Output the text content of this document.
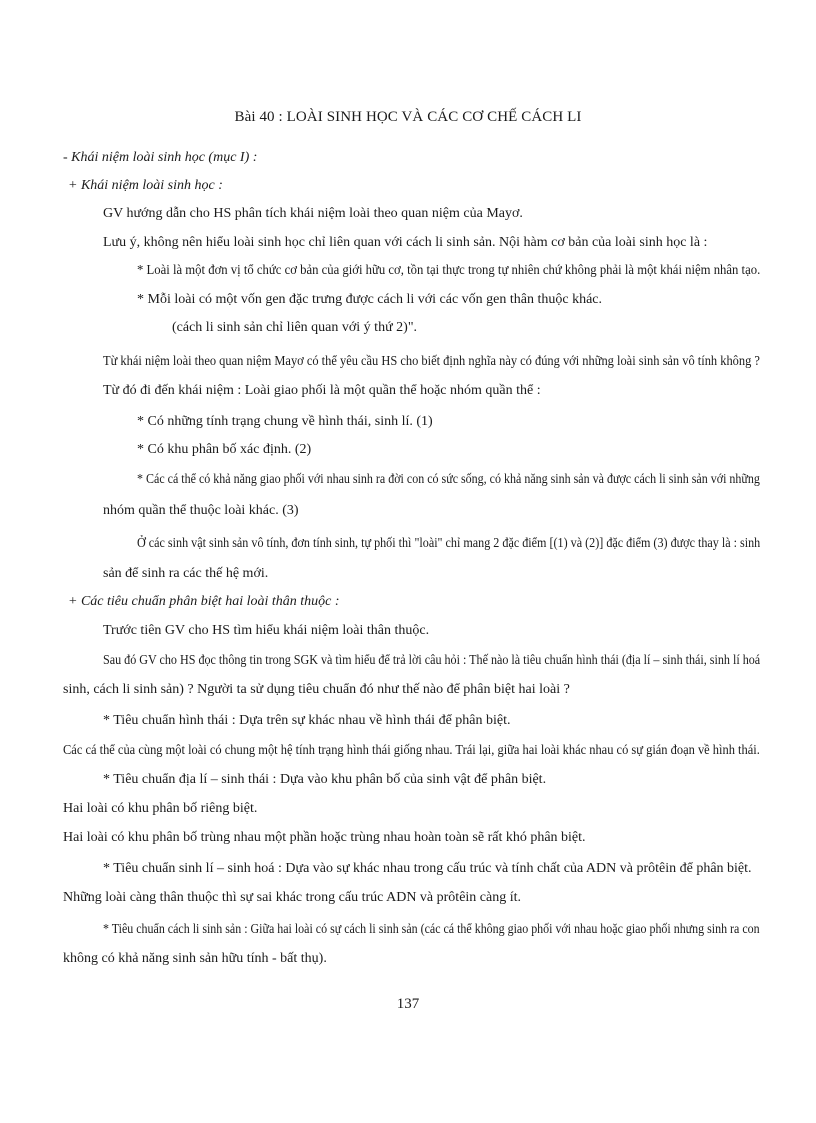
Bài 40 : LOÀI SINH HỌC VÀ CÁC CƠ CHẾ CÁCH LI
- Khái niệm loài sinh học (mục I) :
+ Khái niệm loài sinh học :
GV hướng dẫn cho HS phân tích khái niệm loài theo quan niệm của Mayơ.
Lưu ý, không nên hiểu loài sinh học chỉ liên quan với cách li sinh sản. Nội hàm cơ bản của loài sinh học là :
* Loài là một đơn vị tổ chức cơ bản của giới hữu cơ, tồn tại thực trong tự nhiên chứ không phải là một khái niệm nhân tạo.
* Mỗi loài có một vốn gen đặc trưng được cách li với các vốn gen thân thuộc khác.
(cách li sinh sản chỉ liên quan với ý thứ 2)".
Từ khái niệm loài theo quan niệm Mayơ có thể yêu cầu HS cho biết định nghĩa này có đúng với những loài sinh sản vô tính không ?
Từ đó đi đến khái niệm : Loài giao phối là một quần thể hoặc nhóm quần thể :
* Có những tính trạng chung về hình thái, sinh lí. (1)
* Có khu phân bố xác định. (2)
* Các cá thể có khả năng giao phối với nhau sinh ra đời con có sức sống, có khả năng sinh sản và được cách li sinh sản với những
nhóm quần thể thuộc loài khác. (3)
Ở các sinh vật sinh sản vô tính, đơn tính sinh, tự phối thì "loài" chỉ mang 2 đặc điểm [(1) và (2)] đặc điểm (3) được thay là : sinh
sản để sinh ra các thế hệ mới.
+ Các tiêu chuẩn phân biệt hai loài thân thuộc :
Trước tiên GV cho HS tìm hiểu khái niệm loài thân thuộc.
Sau đó GV cho HS đọc thông tin trong SGK và tìm hiểu để trả lời câu hỏi : Thế nào là tiêu chuẩn hình thái (địa lí – sinh thái, sinh lí hoá
sinh, cách li sinh sản) ? Người ta sử dụng tiêu chuẩn đó như thế nào để phân biệt hai loài ?
* Tiêu chuẩn hình thái : Dựa trên sự khác nhau về hình thái để phân biệt.
Các cá thể của cùng một loài có chung một hệ tính trạng hình thái giống nhau. Trái lại, giữa hai loài khác nhau có sự gián đoạn về hình thái.
* Tiêu chuẩn địa lí – sinh thái : Dựa vào khu phân bố của sinh vật để phân biệt.
Hai loài có khu phân bố riêng biệt.
Hai loài có khu phân bố trùng nhau một phần hoặc trùng nhau hoàn toàn sẽ rất khó phân biệt.
* Tiêu chuẩn sinh lí – sinh hoá : Dựa vào sự khác nhau trong cấu trúc và tính chất của ADN và prôtêin để phân biệt.
Những loài càng thân thuộc thì sự sai khác trong cấu trúc ADN và prôtêin càng ít.
* Tiêu chuẩn cách li sinh sản : Giữa hai loài có sự cách li sinh sản (các cá thể không giao phối với nhau hoặc giao phối nhưng sinh ra con
không có khả năng sinh sản hữu tính - bất thụ).
137
